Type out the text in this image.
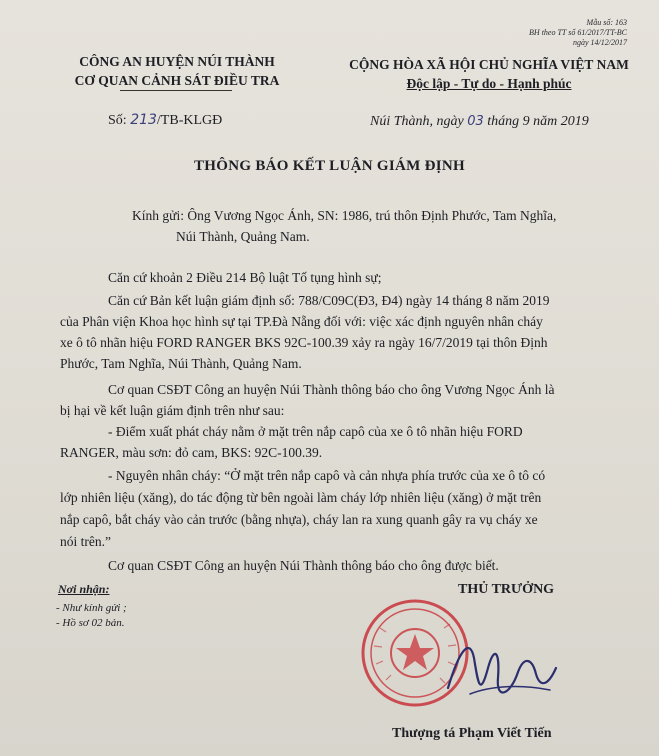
Mẫu số: 163
BH theo TT số 61/2017/TT-BC
ngày 14/12/2017
CÔNG AN HUYỆN NÚI THÀNH
CƠ QUAN CẢNH SÁT ĐIỀU TRA
CỘNG HÒA XÃ HỘI CHỦ NGHĨA VIỆT NAM
Độc lập - Tự do - Hạnh phúc
Số: 213/TB-KLGĐ	Núi Thành, ngày 03 tháng 9 năm 2019
THÔNG BÁO KẾT LUẬN GIÁM ĐỊNH
Kính gửi: Ông Vương Ngọc Ánh, SN: 1986, trú thôn Định Phước, Tam Nghĩa,
Núi Thành, Quảng Nam.
Căn cứ khoản 2 Điều 214 Bộ luật Tố tụng hình sự;
Căn cứ Bản kết luận giám định số: 788/C09C(Đ3, Đ4) ngày 14 tháng 8 năm 2019
của Phân viện Khoa học hình sự tại TP.Đà Nẵng đối với: việc xác định nguyên nhân cháy
xe ô tô nhãn hiệu FORD RANGER BKS 92C-100.39 xảy ra ngày 16/7/2019 tại thôn Định
Phước, Tam Nghĩa, Núi Thành, Quảng Nam.
Cơ quan CSĐT Công an huyện Núi Thành thông báo cho ông Vương Ngọc Ánh là
bị hại về kết luận giám định trên như sau:
- Điểm xuất phát cháy nằm ở mặt trên nắp capô của xe ô tô nhãn hiệu FORD
RANGER, màu sơn: đỏ cam, BKS: 92C-100.39.
- Nguyên nhân cháy: “Ở mặt trên nắp capô và cản nhựa phía trước của xe ô tô có
lớp nhiên liệu (xăng), do tác động từ bên ngoài làm cháy lớp nhiên liệu (xăng) ở mặt trên
nắp capô, bắt cháy vào cản trước (bằng nhựa), cháy lan ra xung quanh gây ra vụ cháy xe
nói trên.”
Cơ quan CSĐT Công an huyện Núi Thành thông báo cho ông được biết.
Nơi nhận:
- Như kính gửi ;
- Hồ sơ 02 bản.
THỦ TRƯỞNG
Thượng tá Phạm Viết Tiến
